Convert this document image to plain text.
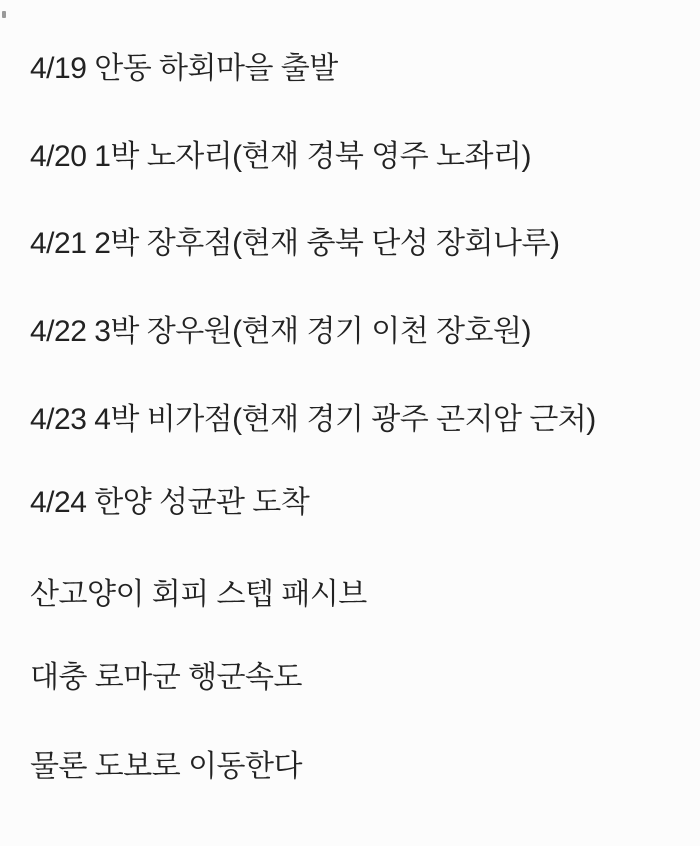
4/19 안동 하회마을 출발
4/20 1박 노자리(현재 경북 영주 노좌리)
4/21 2박 장후점(현재 충북 단성 장회나루)
4/22 3박 장우원(현재 경기 이천 장호원)
4/23 4박 비가점(현재 경기 광주 곤지암 근처)
4/24 한양 성균관 도착
산고양이 회피 스텝 패시브
대충 로마군 행군속도
물론 도보로 이동한다
